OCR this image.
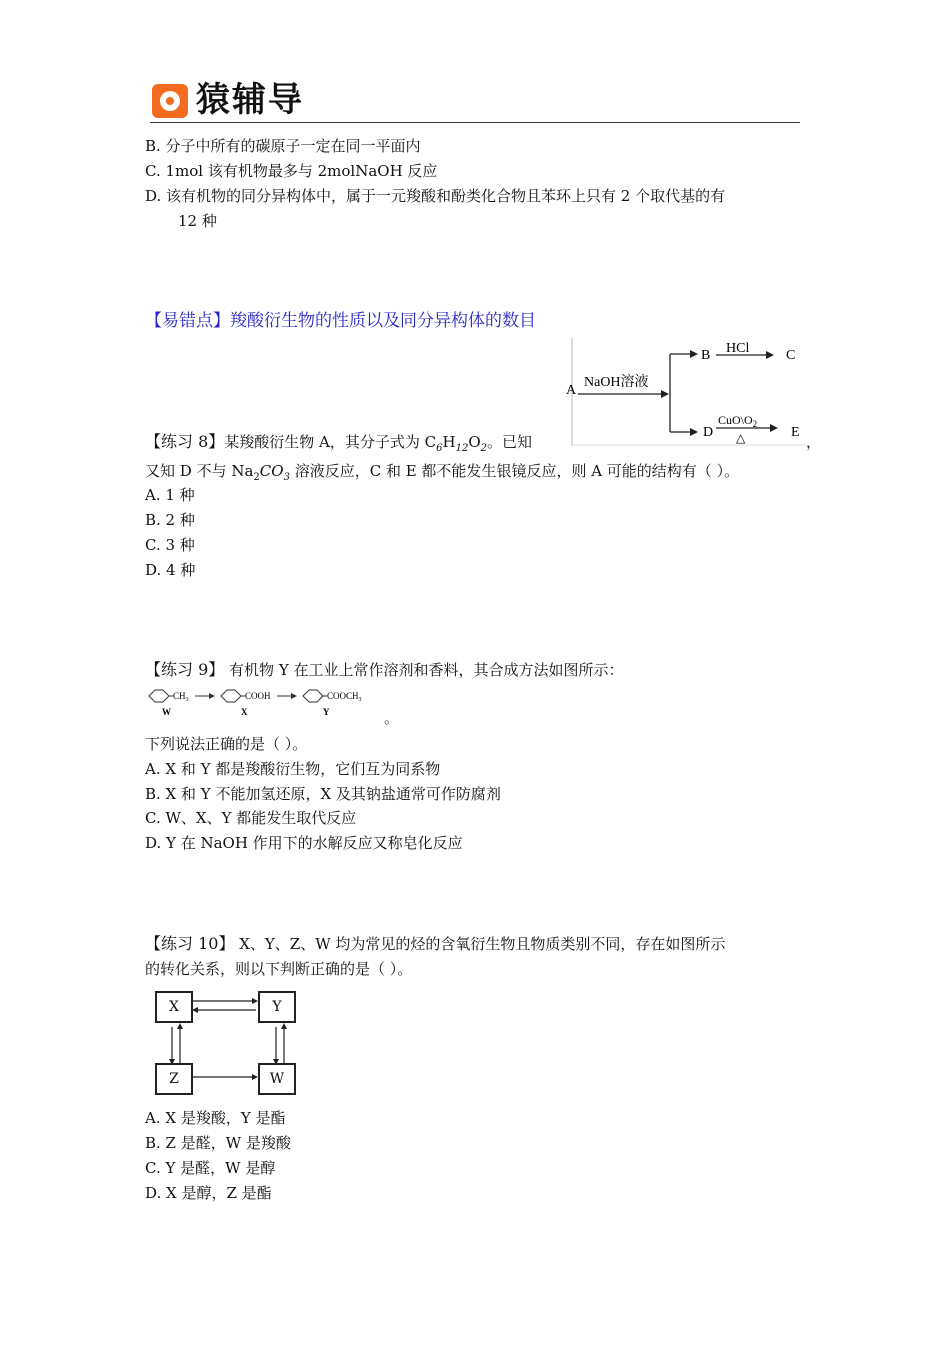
猿辅导
B. 分子中所有的碳原子一定在同一平面内
C. 1mol 该有机物最多与 2molNaOH 反应
D. 该有机物的同分异构体中，属于一元羧酸和酚类化合物且苯环上只有 2 个取代基的有
12 种
【易错点】羧酸衍生物的性质以及同分异构体的数目
A
NaOH溶液
B HCl	C
D
$CuO\backslash O_2$
△	E
【练习 8】某羧酸衍生物 A，其分子式为 $C_6H_{12}O_2$。已知	，
又知 D 不与 $Na_2CO_3$ 溶液反应，C 和 E 都不能发生银镜反应，则 A 可能的结构有（ ）。
A. 1 种
B. 2 种
C. 3 种
D. 4 种
【练习 9】 有机物 Y 在工业上常作溶剂和香料，其合成方法如图所示：
$CH_3$
W
COOH
X
$COOCH_3$
Y	。
下列说法正确的是（ ）。
A. X 和 Y 都是羧酸衍生物，它们互为同系物
B. X 和 Y 不能加氢还原，X 及其钠盐通常可作防腐剂
C. W、X、Y 都能发生取代反应
D. Y 在 NaOH 作用下的水解反应又称皂化反应
【练习 10】 X、Y、Z、W 均为常见的烃的含氧衍生物且物质类别不同，存在如图所示
的转化关系，则以下判断正确的是（ ）。
X	Y
Z	W
A. X 是羧酸，Y 是酯
B. Z 是醛，W 是羧酸
C. Y 是醛，W 是醇
D. X 是醇，Z 是酯
